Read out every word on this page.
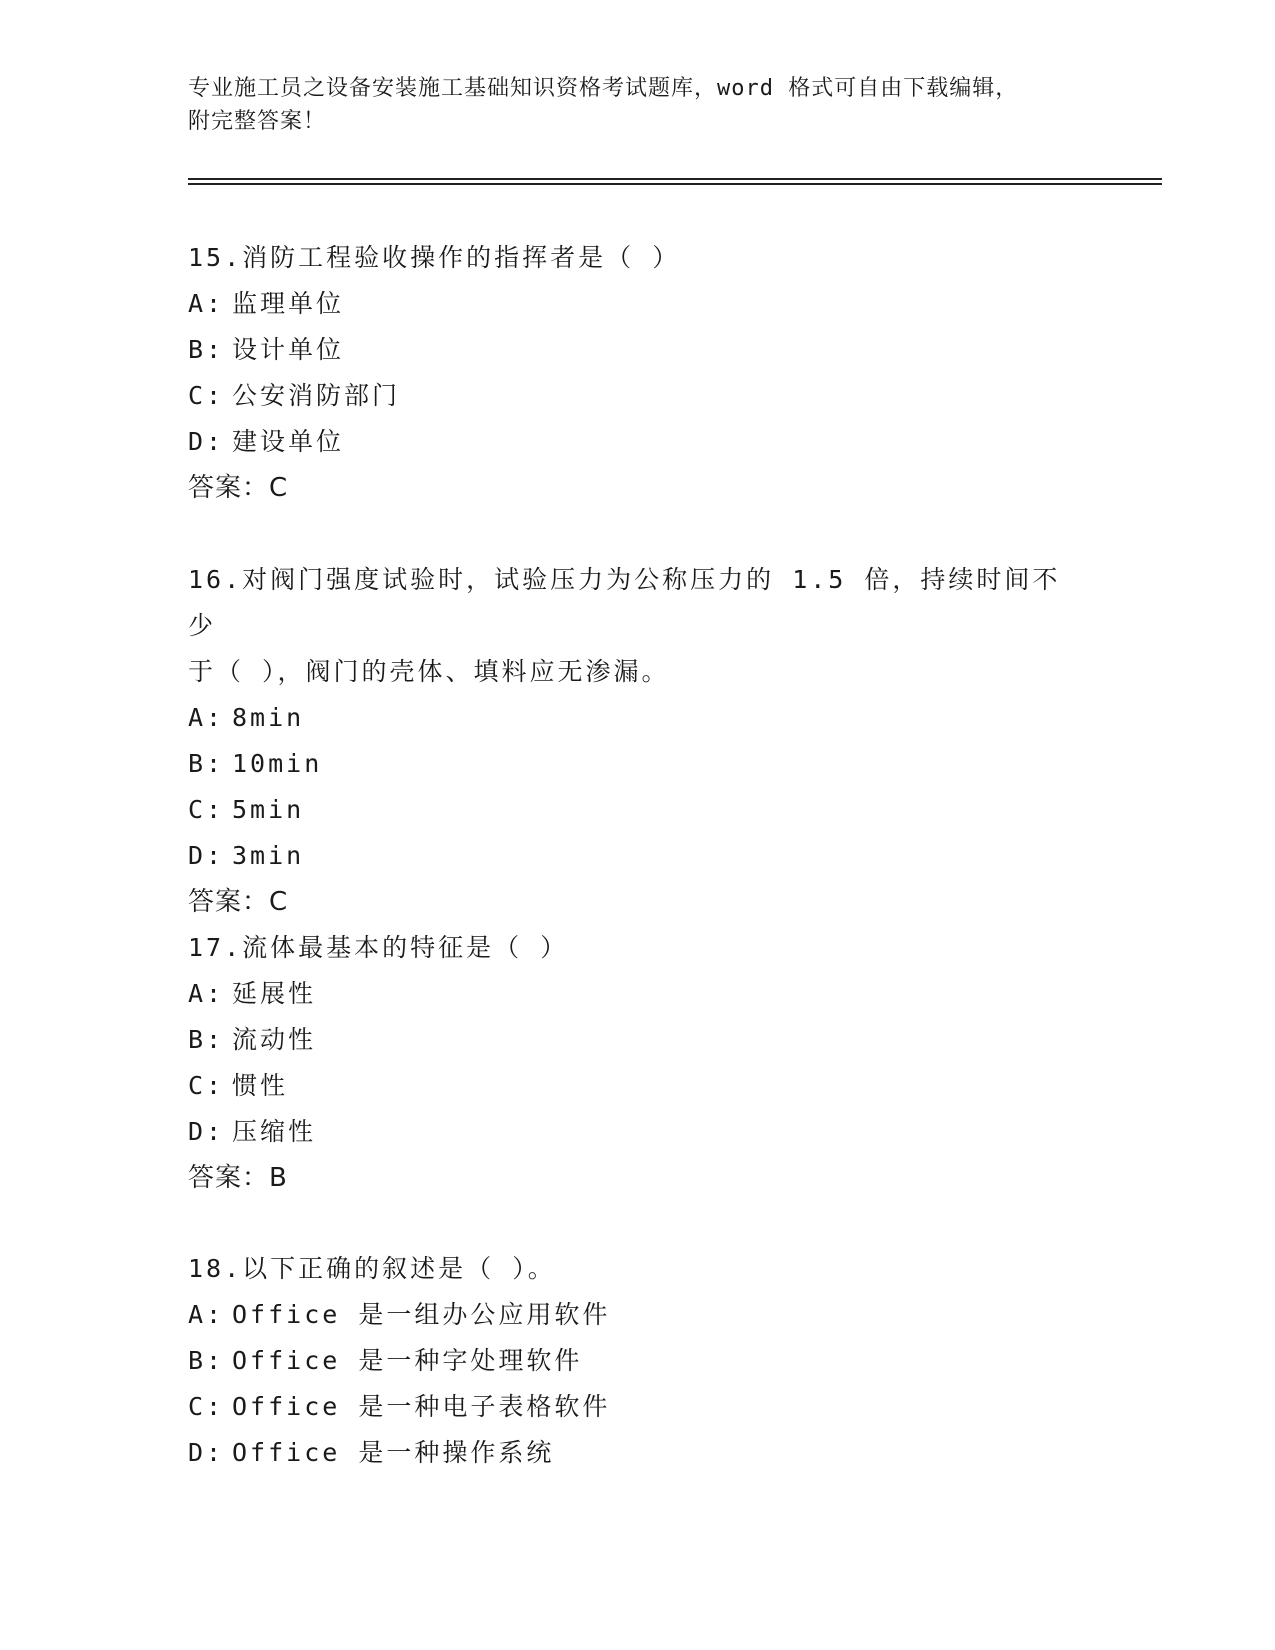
专业施工员之设备安装施工基础知识资格考试题库，word 格式可自由下载编辑，
附完整答案！

15.消防工程验收操作的指挥者是（ ）

A: 监理单位

B: 设计单位

C: 公安消防部门

D: 建设单位

答案：C

16.对阀门强度试验时，试验压力为公称压力的 1.5 倍，持续时间不少

于（ ），阀门的壳体、填料应无渗漏。

A: 8min

B: 10min

C: 5min

D: 3min

答案：C

17.流体最基本的特征是（ ）

A: 延展性

B: 流动性

C: 惯性

D: 压缩性

答案：B

18.以下正确的叙述是（ ）。

A: Office 是一组办公应用软件

B: Office 是一种字处理软件

C: Office 是一种电子表格软件

D: Office 是一种操作系统
